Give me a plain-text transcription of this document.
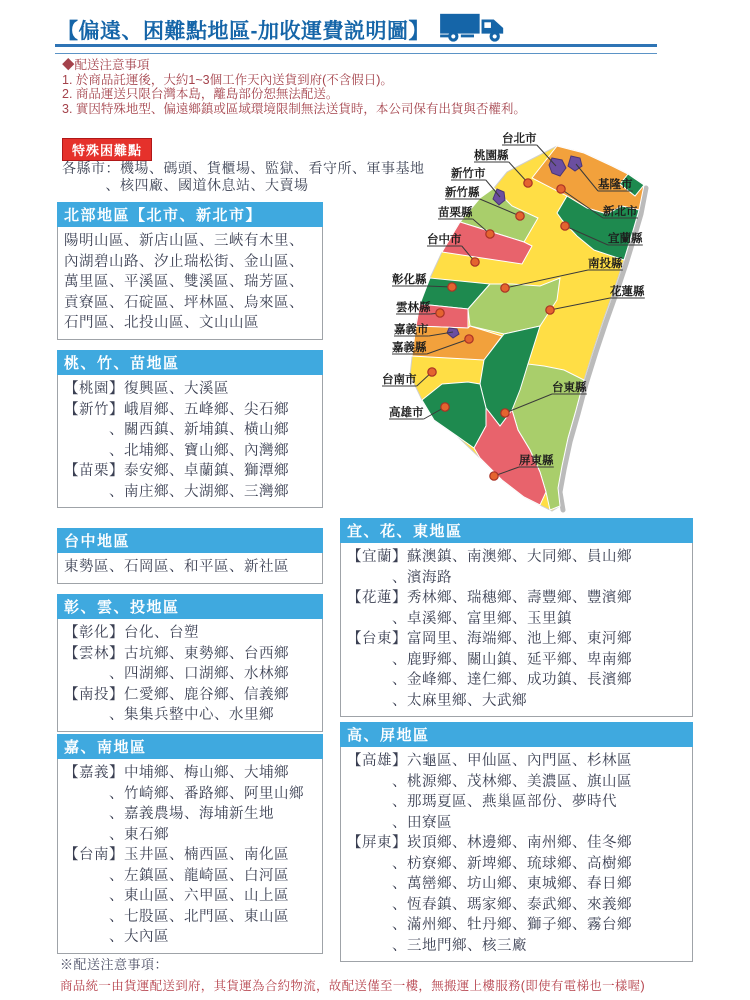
【偏遠、困難點地區-加收運費説明圖】
◆配送注意事項
1. 於商品託運後，大約1~3個工作天內送貨到府(不含假日)。
2. 商品運送只限台灣本島，離島部份恕無法配送。
3. 實因特殊地型、偏遠鄉鎮或區域環境限制無法送貨時，本公司保有出貨與否權利。
特殊困難點
各縣市：機場、碼頭、貨櫃場、監獄、看守所、軍事基地
　　　、核四廠、國道休息站、大賣場
北部地區【北市、新北市】
陽明山區、新店山區、三峽有木里、
內湖碧山路、汐止瑞松街、金山區、
萬里區、平溪區、雙溪區、瑞芳區、
貢寮區、石碇區、坪林區、烏來區、
石門區、北投山區、文山山區
桃、竹、苗地區
【桃園】復興區、大溪區
【新竹】峨眉鄉、五峰鄉、尖石鄉
　　　、關西鎮、新埔鎮、橫山鄉
　　　、北埔鄉、寶山鄉、內灣鄉
【苗栗】泰安鄉、卓蘭鎮、獅潭鄉
　　　、南庄鄉、大湖鄉、三灣鄉
台中地區
東勢區、石岡區、和平區、新社區
彰、雲、投地區
【彰化】台化、台塑
【雲林】古坑鄉、東勢鄉、台西鄉
　　　、四湖鄉、口湖鄉、水林鄉
【南投】仁愛鄉、鹿谷鄉、信義鄉
　　　、集集兵整中心、水里鄉
嘉、南地區
【嘉義】中埔鄉、梅山鄉、大埔鄉
　　　、竹崎鄉、番路鄉、阿里山鄉
　　　、嘉義農場、海埔新生地
　　　、東石鄉
【台南】玉井區、楠西區、南化區
　　　、左鎮區、龍崎區、白河區
　　　、東山區、六甲區、山上區
　　　、七股區、北門區、東山區
　　　、大內區
宜、花、東地區
【宜蘭】蘇澳鎮、南澳鄉、大同鄉、員山鄉
　　　、濱海路
【花蓮】秀林鄉、瑞穗鄉、壽豐鄉、豐濱鄉
　　　、卓溪鄉、富里鄉、玉里鎮
【台東】富岡里、海端鄉、池上鄉、東河鄉
　　　、鹿野鄉、關山鎮、延平鄉、卑南鄉
　　　、金峰鄉、達仁鄉、成功鎮、長濱鄉
　　　、太麻里鄉、大武鄉
高、屏地區
【高雄】六龜區、甲仙區、內門區、杉林區
　　　、桃源鄉、茂林鄉、美濃區、旗山區
　　　、那瑪夏區、燕巢區部份、夢時代
　　　、田寮區
【屏東】崁頂鄉、林邊鄉、南州鄉、佳冬鄉
　　　、枋寮鄉、新埤鄉、琉球鄉、高樹鄉
　　　、萬巒鄉、坊山鄉、東城鄉、春日鄉
　　　、恆春鎮、瑪家鄉、泰武鄉、來義鄉
　　　、滿州鄉、牡丹鄉、獅子鄉、霧台鄉
　　　、三地門鄉、核三廠
台北市
桃園縣
新竹市
新竹縣
苗栗縣
基隆市
新北市
宜蘭縣
台中市
南投縣
彰化縣
花蓮縣
雲林縣
嘉義市
嘉義縣
台南市
台東縣
高雄市
屏東縣
※配送注意事項：
商品統一由貨運配送到府，其貨運為合約物流，故配送僅至一樓，無搬運上樓服務(即使有電梯也一樣喔)
